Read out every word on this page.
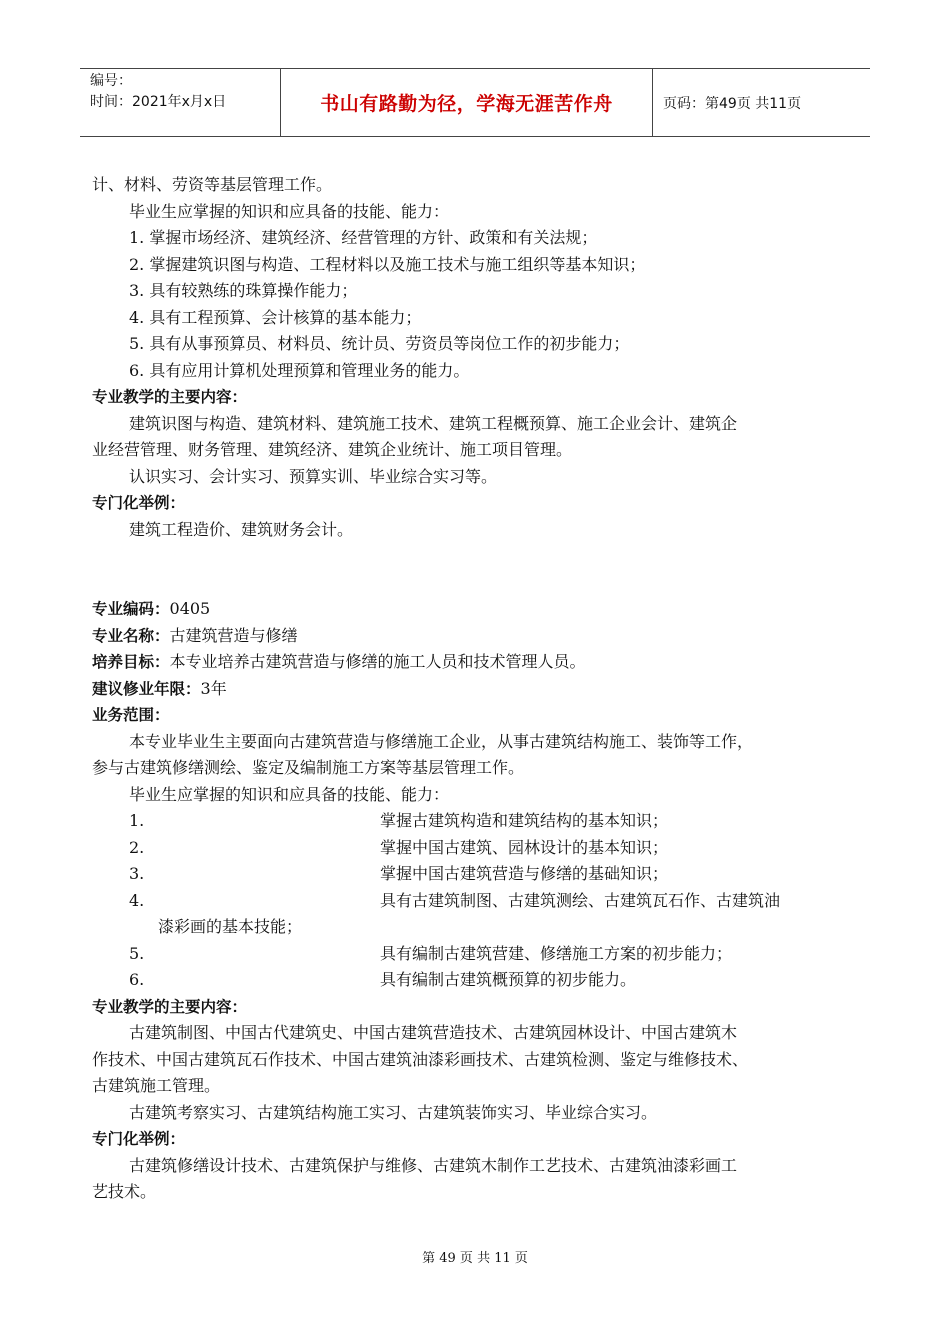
编号：
时间：2021年x月x日	书山有路勤为径，学海无涯苦作舟	页码：第49页 共11页

计、材料、劳资等基层管理工作。

毕业生应掌握的知识和应具备的技能、能力：

1. 掌握市场经济、建筑经济、经营管理的方针、政策和有关法规；

2. 掌握建筑识图与构造、工程材料以及施工技术与施工组织等基本知识；

3. 具有较熟练的珠算操作能力；

4. 具有工程预算、会计核算的基本能力；

5. 具有从事预算员、材料员、统计员、劳资员等岗位工作的初步能力；

6. 具有应用计算机处理预算和管理业务的能力。

专业教学的主要内容：

建筑识图与构造、建筑材料、建筑施工技术、建筑工程概预算、施工企业会计、建筑企

业经营管理、财务管理、建筑经济、建筑企业统计、施工项目管理。

认识实习、会计实习、预算实训、毕业综合实习等。

专门化举例：

建筑工程造价、建筑财务会计。

专业编码：0405

专业名称：古建筑营造与修缮

培养目标：本专业培养古建筑营造与修缮的施工人员和技术管理人员。

建议修业年限：3年

业务范围：

本专业毕业生主要面向古建筑营造与修缮施工企业，从事古建筑结构施工、装饰等工作，

参与古建筑修缮测绘、鉴定及编制施工方案等基层管理工作。

毕业生应掌握的知识和应具备的技能、能力：

1.	掌握古建筑构造和建筑结构的基本知识；
2.	掌握中国古建筑、园林设计的基本知识；
3.	掌握中国古建筑营造与修缮的基础知识；
4.	具有古建筑制图、古建筑测绘、古建筑瓦石作、古建筑油

漆彩画的基本技能；

5.	具有编制古建筑营建、修缮施工方案的初步能力；
6.	具有编制古建筑概预算的初步能力。

专业教学的主要内容：

古建筑制图、中国古代建筑史、中国古建筑营造技术、古建筑园林设计、中国古建筑木

作技术、中国古建筑瓦石作技术、中国古建筑油漆彩画技术、古建筑检测、鉴定与维修技术、

古建筑施工管理。

古建筑考察实习、古建筑结构施工实习、古建筑装饰实习、毕业综合实习。

专门化举例：

古建筑修缮设计技术、古建筑保护与维修、古建筑木制作工艺技术、古建筑油漆彩画工

艺技术。

第 49 页 共 11 页
